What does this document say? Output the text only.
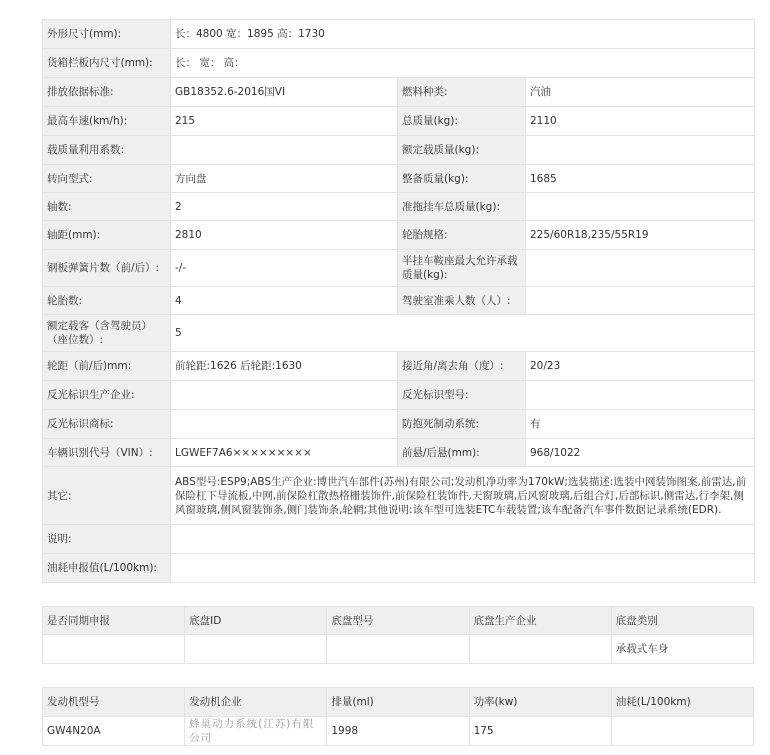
外形尺寸(mm):	长：4800 宽：1895 高：1730		
货箱栏板内尺寸(mm):	长： 宽： 高：		
排放依据标准:	GB18352.6-2016国VI	燃料种类:	汽油
最高车速(km/h):	215	总质量(kg):	2110
载质量利用系数:		额定载质量(kg):	
转向型式:	方向盘	整备质量(kg):	1685
轴数:	2	准拖挂车总质量(kg):	
轴距(mm):	2810	轮胎规格:	225/60R18,235/55R19
钢板弹簧片数（前/后）:	-/-	半挂车鞍座最大允许承载质量(kg):	
轮胎数:	4	驾驶室准乘人数（人）:	
额定载客（含驾驶员）（座位数）:	5		
轮距（前/后)mm:	前轮距:1626 后轮距:1630	接近角/离去角（度）:	20/23
反光标识生产企业:		反光标识型号:	
反光标识商标:		防抱死制动系统:	有
车辆识别代号（VIN）:	LGWEF7A6×××××××××	前悬/后悬(mm):	968/1022
其它:	ABS型号:ESP9;ABS生产企业:博世汽车部件(苏州)有限公司;发动机净功率为170kW;选装描述:选装中网装饰图案,前雷达,前保险杠下导流板,中网,前保险杠散热格栅装饰件,前保险杠装饰件,天窗玻璃,后风窗玻璃,后组合灯,后部标识,侧雷达,行李架,侧风窗玻璃,侧风窗装饰条,侧门装饰条,轮辋;其他说明:该车型可选装ETC车载装置;该车配备汽车事件数据记录系统(EDR).		
说明:			
油耗申报值(L/100km):			
是否同期申报	底盘ID	底盘型号	底盘生产企业	底盘类别
				承载式车身
发动机型号	发动机企业	排量(ml)	功率(kw)	油耗(L/100km)
GW4N20A	蜂巢动力系统(江苏)有限公司	1998	175	
